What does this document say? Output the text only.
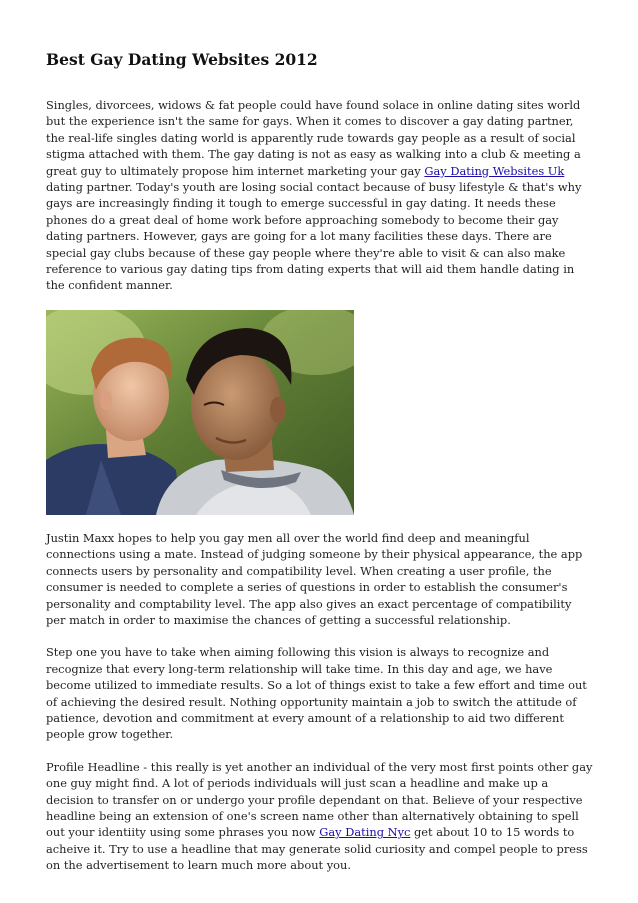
Best Gay Dating Websites 2012

Singles, divorcees, widows & fat people could have found solace in online dating sites world but the experience isn't the same for gays. When it comes to discover a gay dating partner, the real-life singles dating world is apparently rude towards gay people as a result of social stigma attached with them. The gay dating is not as easy as walking into a club & meeting a great guy to ultimately propose him internet marketing your gay Gay Dating Websites Uk dating partner. Today's youth are losing social contact because of busy lifestyle & that's why gays are increasingly finding it tough to emerge successful in gay dating. It needs these phones do a great deal of home work before approaching somebody to become their gay dating partners. However, gays are going for a lot many facilities these days. There are special gay clubs because of these gay people where they're able to visit & can also make reference to various gay dating tips from dating experts that will aid them handle dating in the confident manner.

Justin Maxx hopes to help you gay men all over the world find deep and meaningful connections using a mate. Instead of judging someone by their physical appearance, the app connects users by personality and compatibility level. When creating a user profile, the consumer is needed to complete a series of questions in order to establish the consumer's personality and comptability level. The app also gives an exact percentage of compatibility per match in order to maximise the chances of getting a successful relationship.

Step one you have to take when aiming following this vision is always to recognize and recognize that every long-term relationship will take time. In this day and age, we have become utilized to immediate results. So a lot of things exist to take a few effort and time out of achieving the desired result. Nothing opportunity maintain a job to switch the attitude of patience, devotion and commitment at every amount of a relationship to aid two different people grow together.

Profile Headline - this really is yet another an individual of the very most first points other gay one guy might find. A lot of periods individuals will just scan a headline and make up a decision to transfer on or undergo your profile dependant on that. Believe of your respective headline being an extension of one's screen name other than alternatively obtaining to spell out your identiity using some phrases you now Gay Dating Nyc get about 10 to 15 words to acheive it. Try to use a headline that may generate solid curiosity and compel people to press on the advertisement to learn much more about you.
